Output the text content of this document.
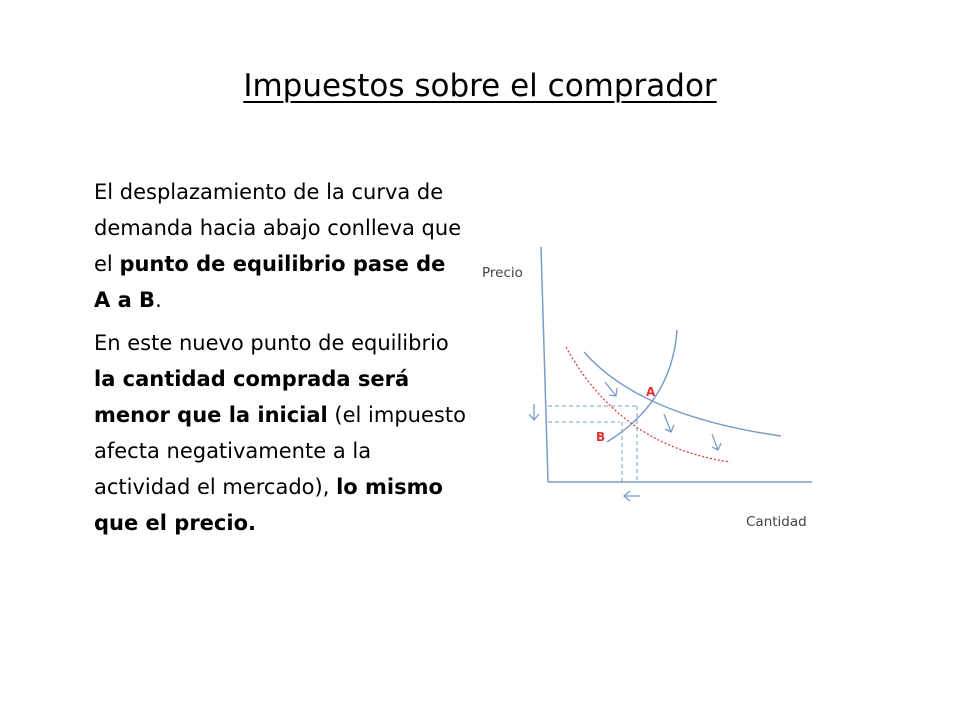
Impuestos sobre el comprador

El desplazamiento de la curva de demanda hacia abajo conlleva que el punto de equilibrio pase de A a B.

En este nuevo punto de equilibrio la cantidad comprada será menor que la inicial (el impuesto afecta negativamente a la actividad el mercado), lo mismo que el precio.

Precio
Cantidad
A
B
